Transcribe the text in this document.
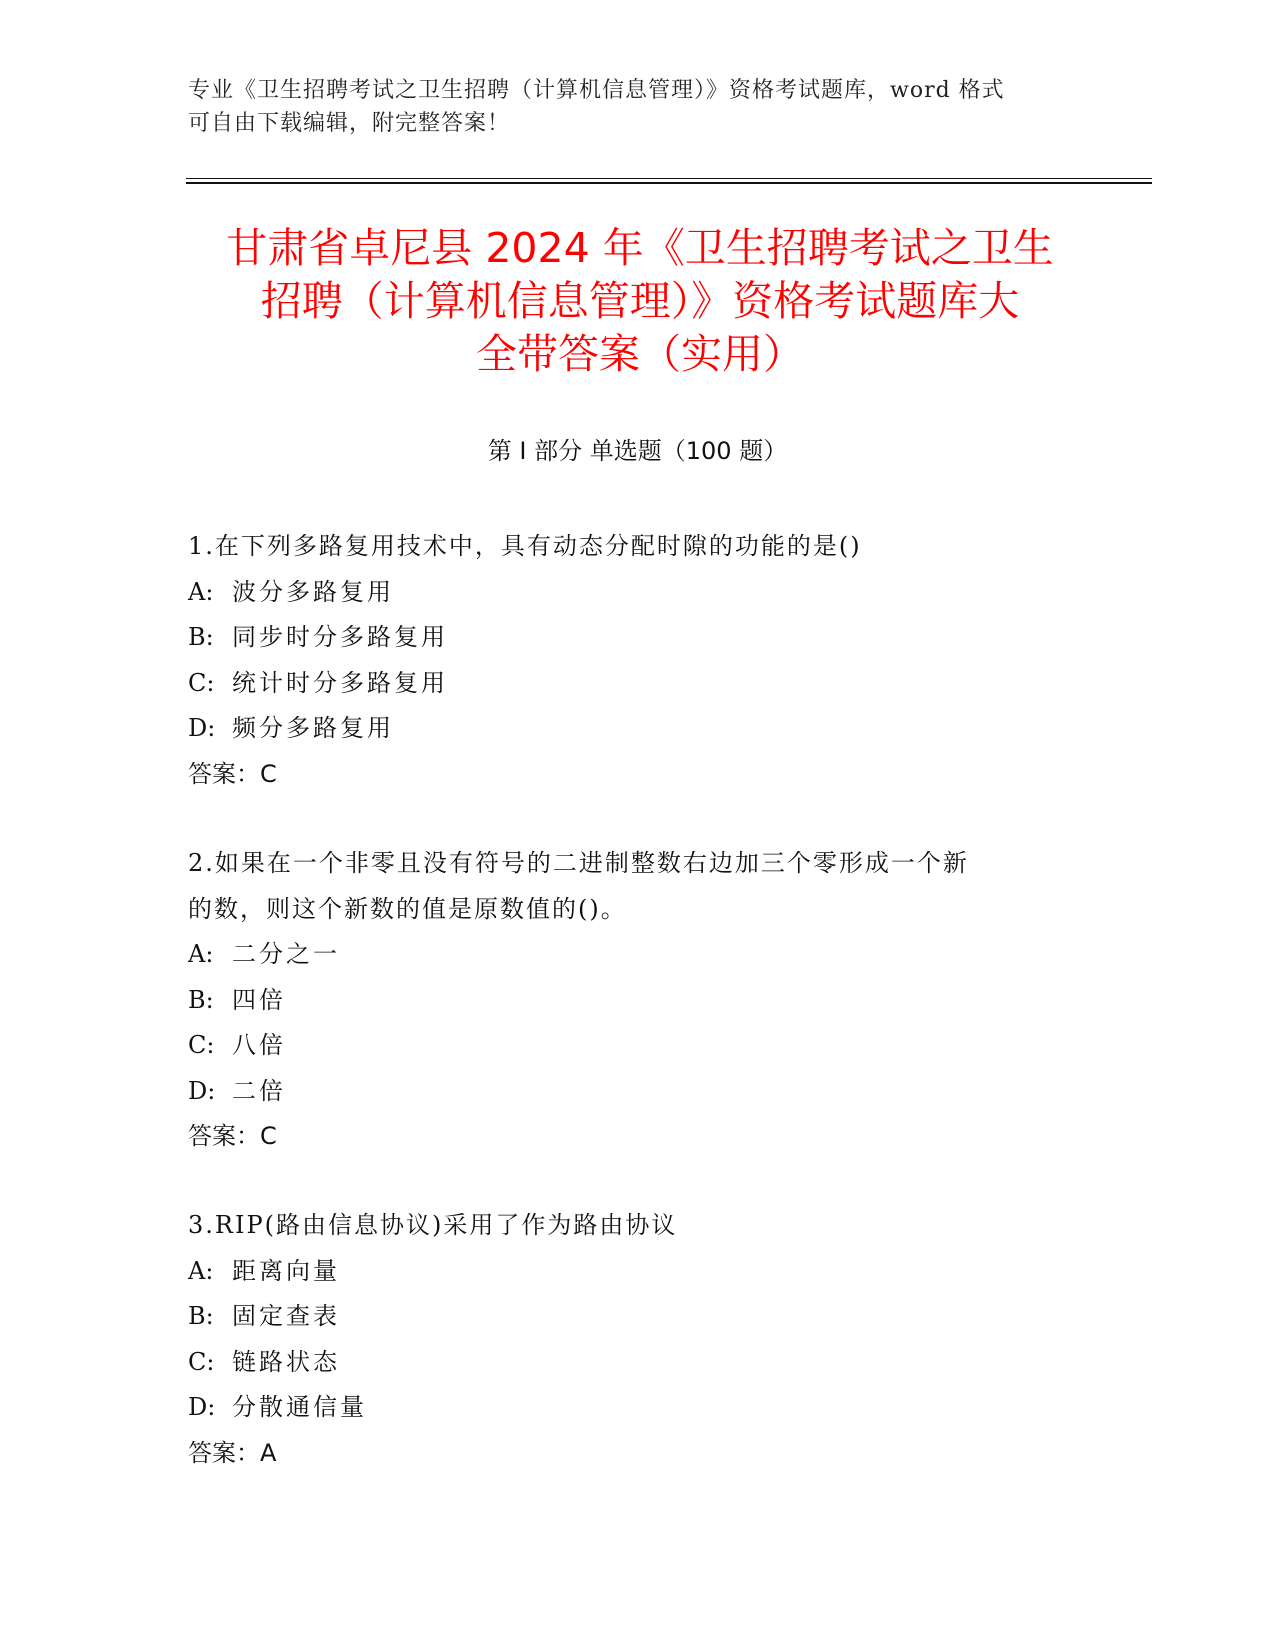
专业《卫生招聘考试之卫生招聘（计算机信息管理）》资格考试题库，word 格式
可自由下载编辑，附完整答案！
甘肃省卓尼县 2024 年《卫生招聘考试之卫生
招聘（计算机信息管理）》资格考试题库大
全带答案（实用）
第 I 部分 单选题（100 题）
1.在下列多路复用技术中，具有动态分配时隙的功能的是()
A: 波分多路复用
B: 同步时分多路复用
C: 统计时分多路复用
D: 频分多路复用
答案：C
2.如果在一个非零且没有符号的二进制整数右边加三个零形成一个新
的数，则这个新数的值是原数值的()。
A: 二分之一
B: 四倍
C: 八倍
D: 二倍
答案：C
3.RIP(路由信息协议)采用了作为路由协议
A: 距离向量
B: 固定查表
C: 链路状态
D: 分散通信量
答案：A
